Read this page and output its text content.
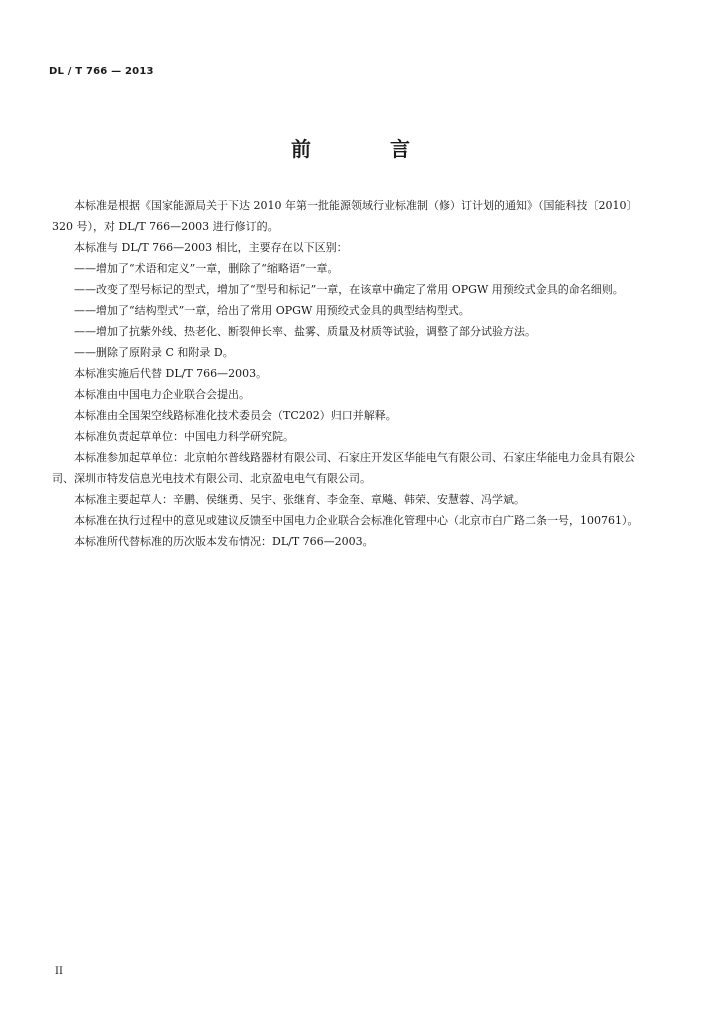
DL / T 766 — 2013
前 言

本标准是根据《国家能源局关于下达 2010 年第一批能源领域行业标准制（修）订计划的通知》（国能科技〔2010〕320 号），对 DL/T 766—2003 进行修订的。

本标准与 DL/T 766—2003 相比，主要存在以下区别：

——增加了“术语和定义”一章，删除了“缩略语”一章。

——改变了型号标记的型式，增加了“型号和标记”一章，在该章中确定了常用 OPGW 用预绞式金具的命名细则。

——增加了“结构型式”一章，给出了常用 OPGW 用预绞式金具的典型结构型式。

——增加了抗紫外线、热老化、断裂伸长率、盐雾、质量及材质等试验，调整了部分试验方法。

——删除了原附录 C 和附录 D。

本标准实施后代替 DL/T 766—2003。

本标准由中国电力企业联合会提出。

本标准由全国架空线路标准化技术委员会（TC202）归口并解释。

本标准负责起草单位：中国电力科学研究院。

本标准参加起草单位：北京帕尔普线路器材有限公司、石家庄开发区华能电气有限公司、石家庄华能电力金具有限公司、深圳市特发信息光电技术有限公司、北京盈电电气有限公司。

本标准主要起草人：辛鹏、侯继勇、吴宇、张继育、李金奎、章飚、韩荣、安慧蓉、冯学斌。

本标准在执行过程中的意见或建议反馈至中国电力企业联合会标准化管理中心（北京市白广路二条一号，100761）。

本标准所代替标准的历次版本发布情况：DL/T 766—2003。

II
